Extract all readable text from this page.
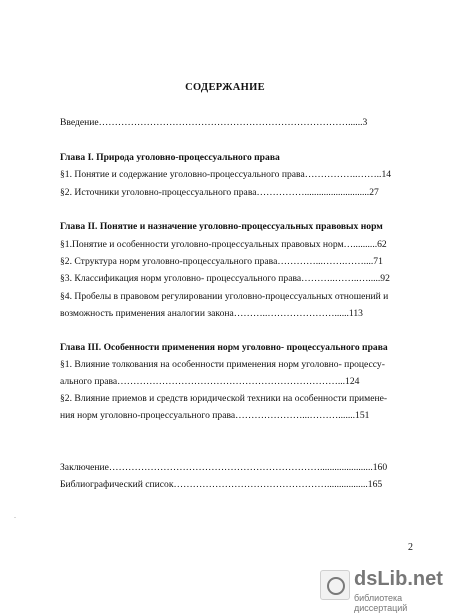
СОДЕРЖАНИЕ
Введение……………………………………………………………………......3
Глава I. Природа уголовно-процессуального права
§1. Понятие и содержание уголовно-процессуального права……………..……..14
§2. Источники уголовно-процессуального права……………...........................27
Глава II. Понятие и назначение уголовно-процессуальных правовых норм
§1.Понятие и особенности уголовно-процессуальных правовых норм…..........62
§2. Структура норм уголовно-процессуального права…………...…….……....71
§3. Классификация норм уголовно- процессуального права………..……..….....92
§4. Пробелы в правовом регулировании уголовно-процессуальных отношений и
возможность применения аналогии закона………..…………………......113
Глава III. Особенности применения норм уголовно- процессуального права
§1. Влияние толкования на особенности применения норм уголовно- процессу-
ального права……………………………………………………………...124
§2. Влияние приемов и средств юридической техники на особенности примене-
ния норм уголовно-процессуального права…………………...……….......151
Заключение…………………………………………………………......................160
Библиографический список………………………………………….................165
.
2
dsLib.net
библиотека диссертаций
